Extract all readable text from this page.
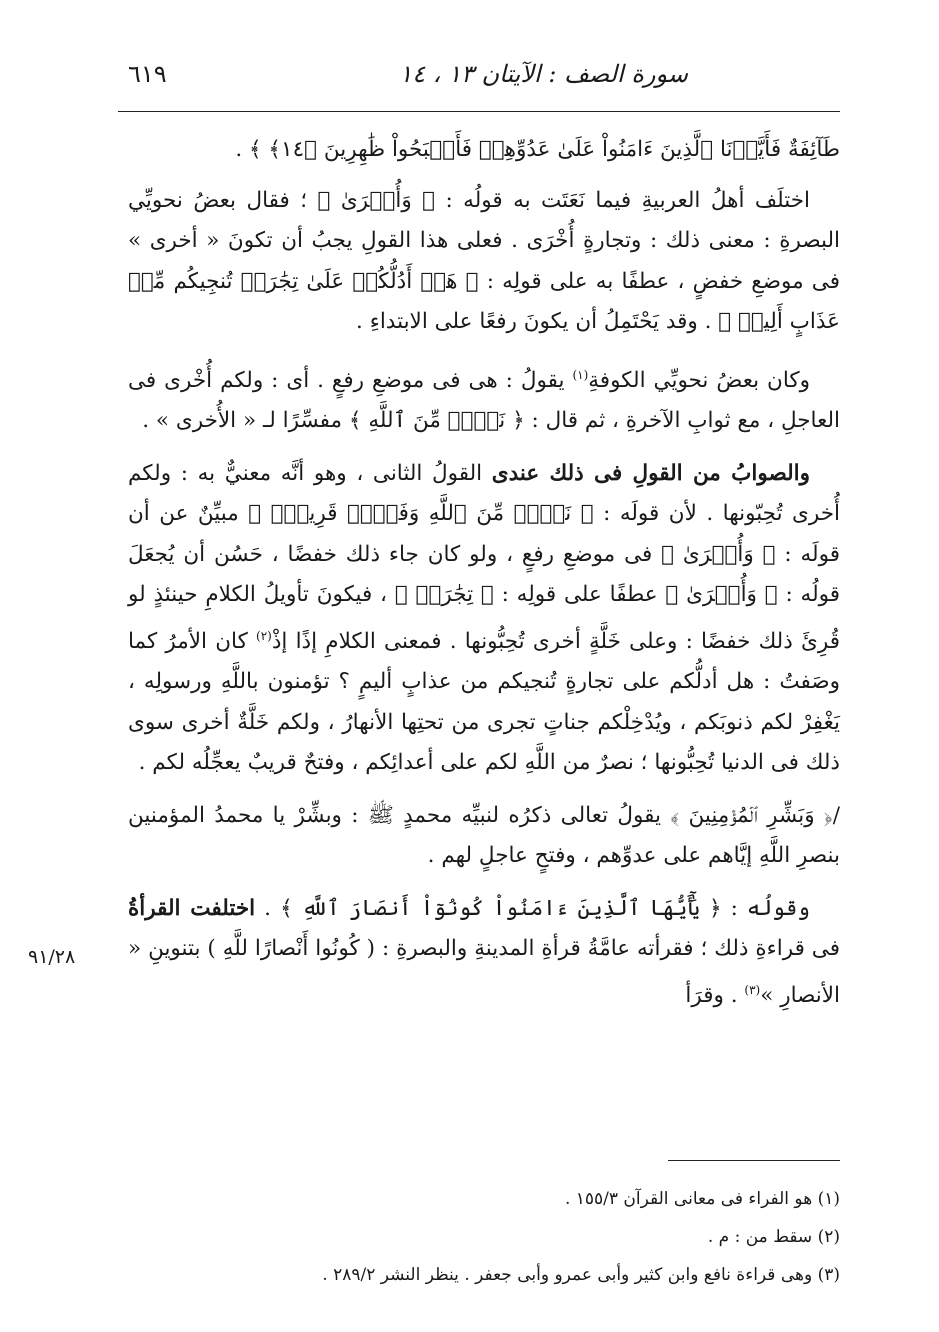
سورة الصف : الآيتان ١٣ ، ١٤
٦١٩

طَآئِفَةٌ فَأَيَّدۡنَا ٱلَّذِينَ ءَامَنُواْ عَلَىٰ عَدُوِّهِمۡ فَأَصۡبَحُواْ ظَٰهِرِينَ ﴿١٤﴾ ﴾ .

اختلَف أهلُ العربيةِ فيما نَعَتَت به قولُه : ﴿ وَأُخۡرَىٰ ﴾ ؛ فقال بعضُ نحويِّي البصرةِ : معنى ذلك : وتجارةٍ أُخْرَى . فعلى هذا القولِ يجبُ أن تكونَ « أخرى » فى موضعِ خفضٍ ، عطفًا به على قولِه : ﴿ هَلۡ أَدُلُّكُمۡ عَلَىٰ تِجَٰرَةٖ تُنجِيكُم مِّنۡ عَذَابٍ أَلِيمٖ ﴾ . وقد يَحْتَمِلُ أن يكونَ رفعًا على الابتداءِ .

وكان بعضُ نحويِّي الكوفةِ$^{(١)}$ يقولُ : هى فى موضعِ رفعٍ . أى : ولكم أُخْرى فى العاجلِ ، مع ثوابِ الآخرةِ ، ثم قال : ﴿ نَصۡرٞ مِّنَ ٱللَّهِ ﴾ مفسِّرًا لـ « الأُخرى » .

والصوابُ من القولِ فى ذلك عندى القولُ الثانى ، وهو أنَّه معنيٌّ به : ولكم أُخرى تُحِبّونها . لأن قولَه : ﴿ نَصۡرٞ مِّنَ ٱللَّهِ وَفَتۡحٞ قَرِيبٞۗ ﴾ مبيِّنٌ عن أن قولَه : ﴿ وَأُخۡرَىٰ ﴾ فى موضعِ رفعٍ ، ولو كان جاء ذلك خفضًا ، حَسُن أن يُجعَلَ قولُه : ﴿ وَأُخۡرَىٰ ﴾ عطفًا على قولِه : ﴿ تِجَٰرَةٖ ﴾ ، فيكونَ تأويلُ الكلامِ حينئذٍ لو قُرِئَ ذلك خفضًا : وعلى خَلَّةٍ أخرى تُحِبُّونها . فمعنى الكلامِ إذًا إذْ$^{(٢)}$ كان الأمرُ كما وصَفتُ : هل أدلُّكم على تجارةٍ تُنجيكم من عذابٍ أليمٍ ؟ تؤمنون باللَّهِ ورسولِه ، يَغْفِرْ لكم ذنوبَكم ، ويُدْخِلْكم جناتٍ تجرى من تحتِها الأنهارُ ، ولكم خَلَّةٌ أخرى سوى ذلك فى الدنيا تُحِبُّونها ؛ نصرٌ من اللَّهِ لكم على أعدائِكم ، وفتحٌ قريبٌ يعجِّلُه لكم .

/﴿ وَبَشِّرِ ٱلۡمُؤۡمِنِينَ ﴾ يقولُ تعالى ذكرُه لنبيِّه محمدٍ ﷺ : وبشِّرْ يا محمدُ المؤمنين بنصرِ اللَّهِ إيَّاهم على عدوِّهم ، وفتحٍ عاجلٍ لهم .

وقولُه : ﴿ يَٰٓأَيُّهَا ٱلَّذِينَ ءَامَنُواْ كُونُوٓاْ أَنصَارَ ٱللَّهِ ﴾ . اختلفت القرأةُ فى قراءةِ ذلك ؛ فقرأته عامَّةُ قرأةِ المدينةِ والبصرةِ : ( كُونُوا أَنْصارًا للَّهِ ) بتنوينِ « الأنصارِ »$^{(٣)}$ . وقرَأ

٩١/٢٨

(١) هو الفراء فى معانى القرآن ١٥٥/٣ .

(٢) سقط من : م .

(٣) وهى قراءة نافع وابن كثير وأبى عمرو وأبى جعفر . ينظر النشر ٢٨٩/٢ .
